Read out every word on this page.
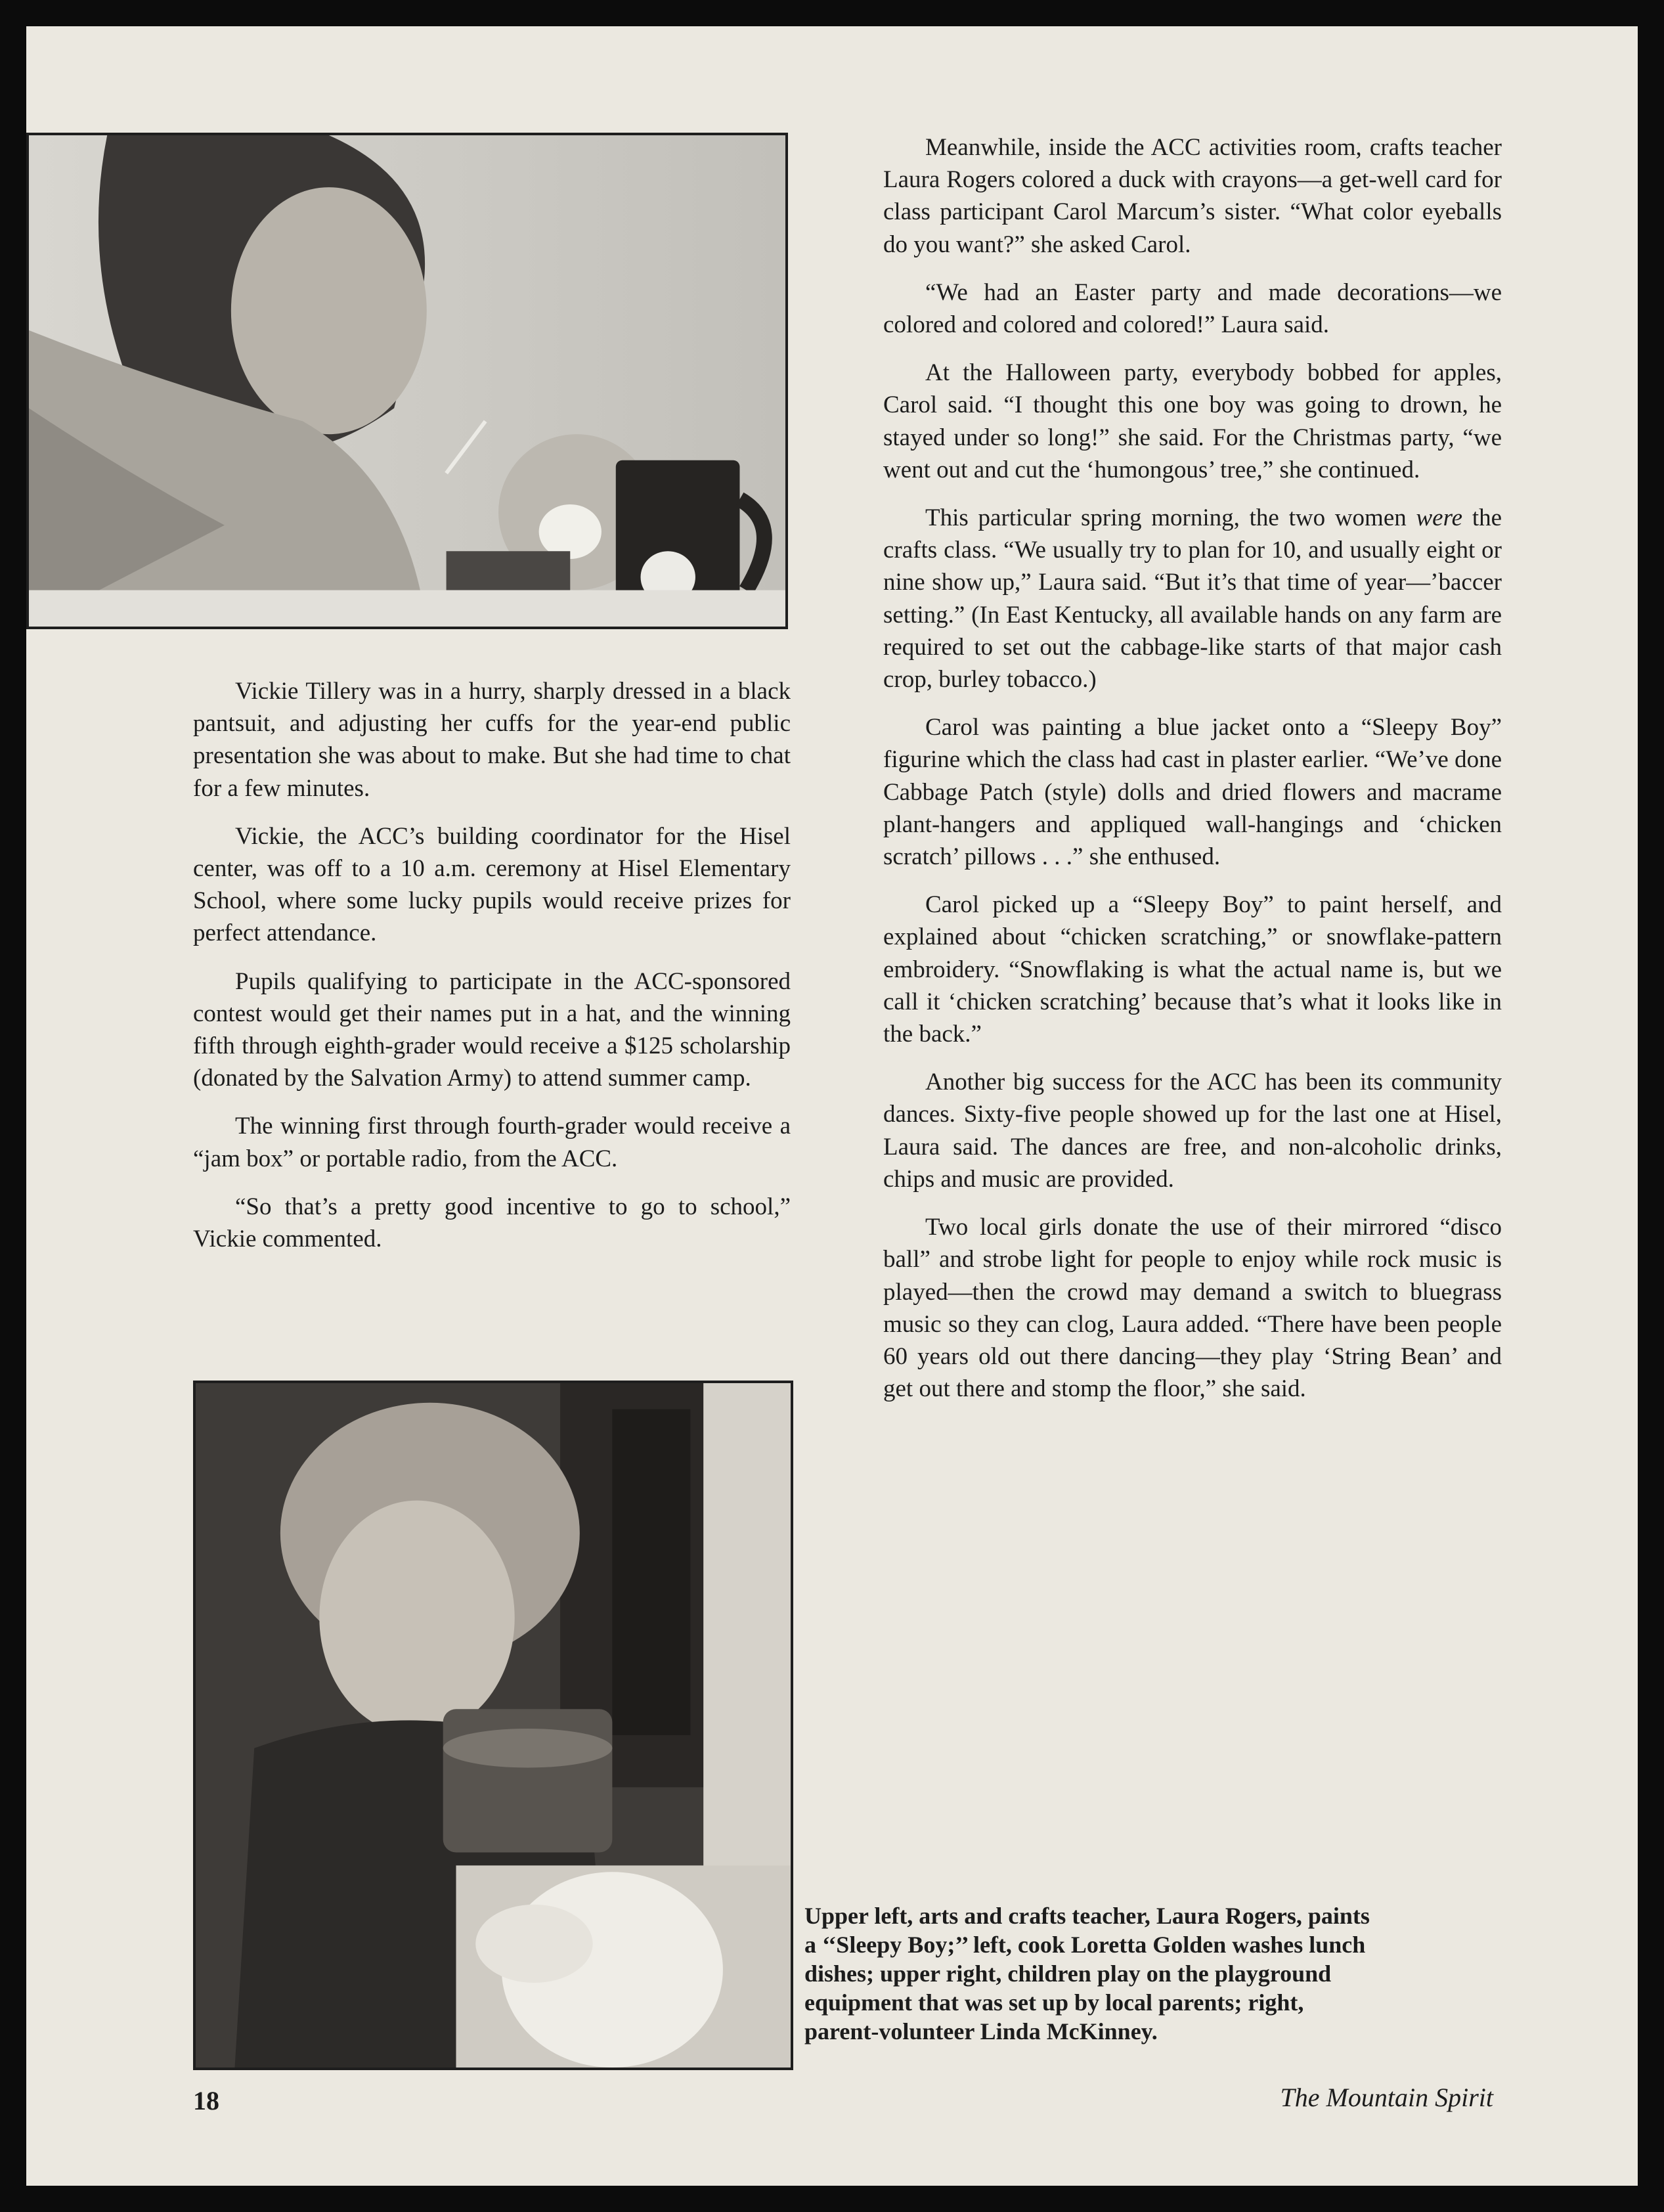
Vickie Tillery was in a hurry, sharply dressed in a black pantsuit, and adjusting her cuffs for the year-end public presentation she was about to make. But she had time to chat for a few minutes.

Vickie, the ACC’s building coordinator for the Hisel center, was off to a 10 a.m. ceremony at Hisel Elementary School, where some lucky pupils would receive prizes for perfect attendance.

Pupils qualifying to participate in the ACC-sponsored contest would get their names put in a hat, and the winning fifth through eighth-grader would receive a $125 scholarship (donated by the Salvation Army) to attend summer camp.

The winning first through fourth-grader would receive a “jam box” or portable radio, from the ACC.

“So that’s a pretty good incentive to go to school,” Vickie commented.

Meanwhile, inside the ACC activities room, crafts teacher Laura Rogers colored a duck with crayons—a get-well card for class participant Carol Marcum’s sister. “What color eyeballs do you want?” she asked Carol.

“We had an Easter party and made decorations—we colored and colored and colored!” Laura said.

At the Halloween party, everybody bobbed for apples, Carol said. “I thought this one boy was going to drown, he stayed under so long!” she said. For the Christmas party, “we went out and cut the ‘humongous’ tree,” she continued.

This particular spring morning, the two women were the crafts class. “We usually try to plan for 10, and usually eight or nine show up,” Laura said. “But it’s that time of year—’baccer setting.” (In East Kentucky, all available hands on any farm are required to set out the cabbage-like starts of that major cash crop, burley tobacco.)

Carol was painting a blue jacket onto a “Sleepy Boy” figurine which the class had cast in plaster earlier. “We’ve done Cabbage Patch (style) dolls and dried flowers and macrame plant-hangers and appliqued wall-hangings and ‘chicken scratch’ pillows . . .” she enthused.

Carol picked up a “Sleepy Boy” to paint herself, and explained about “chicken scratching,” or snowflake-pattern embroidery. “Snowflaking is what the actual name is, but we call it ‘chicken scratching’ because that’s what it looks like in the back.”

Another big success for the ACC has been its community dances. Sixty-five people showed up for the last one at Hisel, Laura said. The dances are free, and non-alcoholic drinks, chips and music are provided.

Two local girls donate the use of their mirrored “disco ball” and strobe light for people to enjoy while rock music is played—then the crowd may demand a switch to bluegrass music so they can clog, Laura added. “There have been people 60 years old out there dancing—they play ‘String Bean’ and get out there and stomp the floor,” she said.

Upper left, arts and crafts teacher, Laura Rogers, paints a ‘‘Sleepy Boy;’’ left, cook Loretta Golden washes lunch dishes; upper right, children play on the playground equipment that was set up by local parents; right, parent-volunteer Linda McKinney.
18	The Mountain Spirit
